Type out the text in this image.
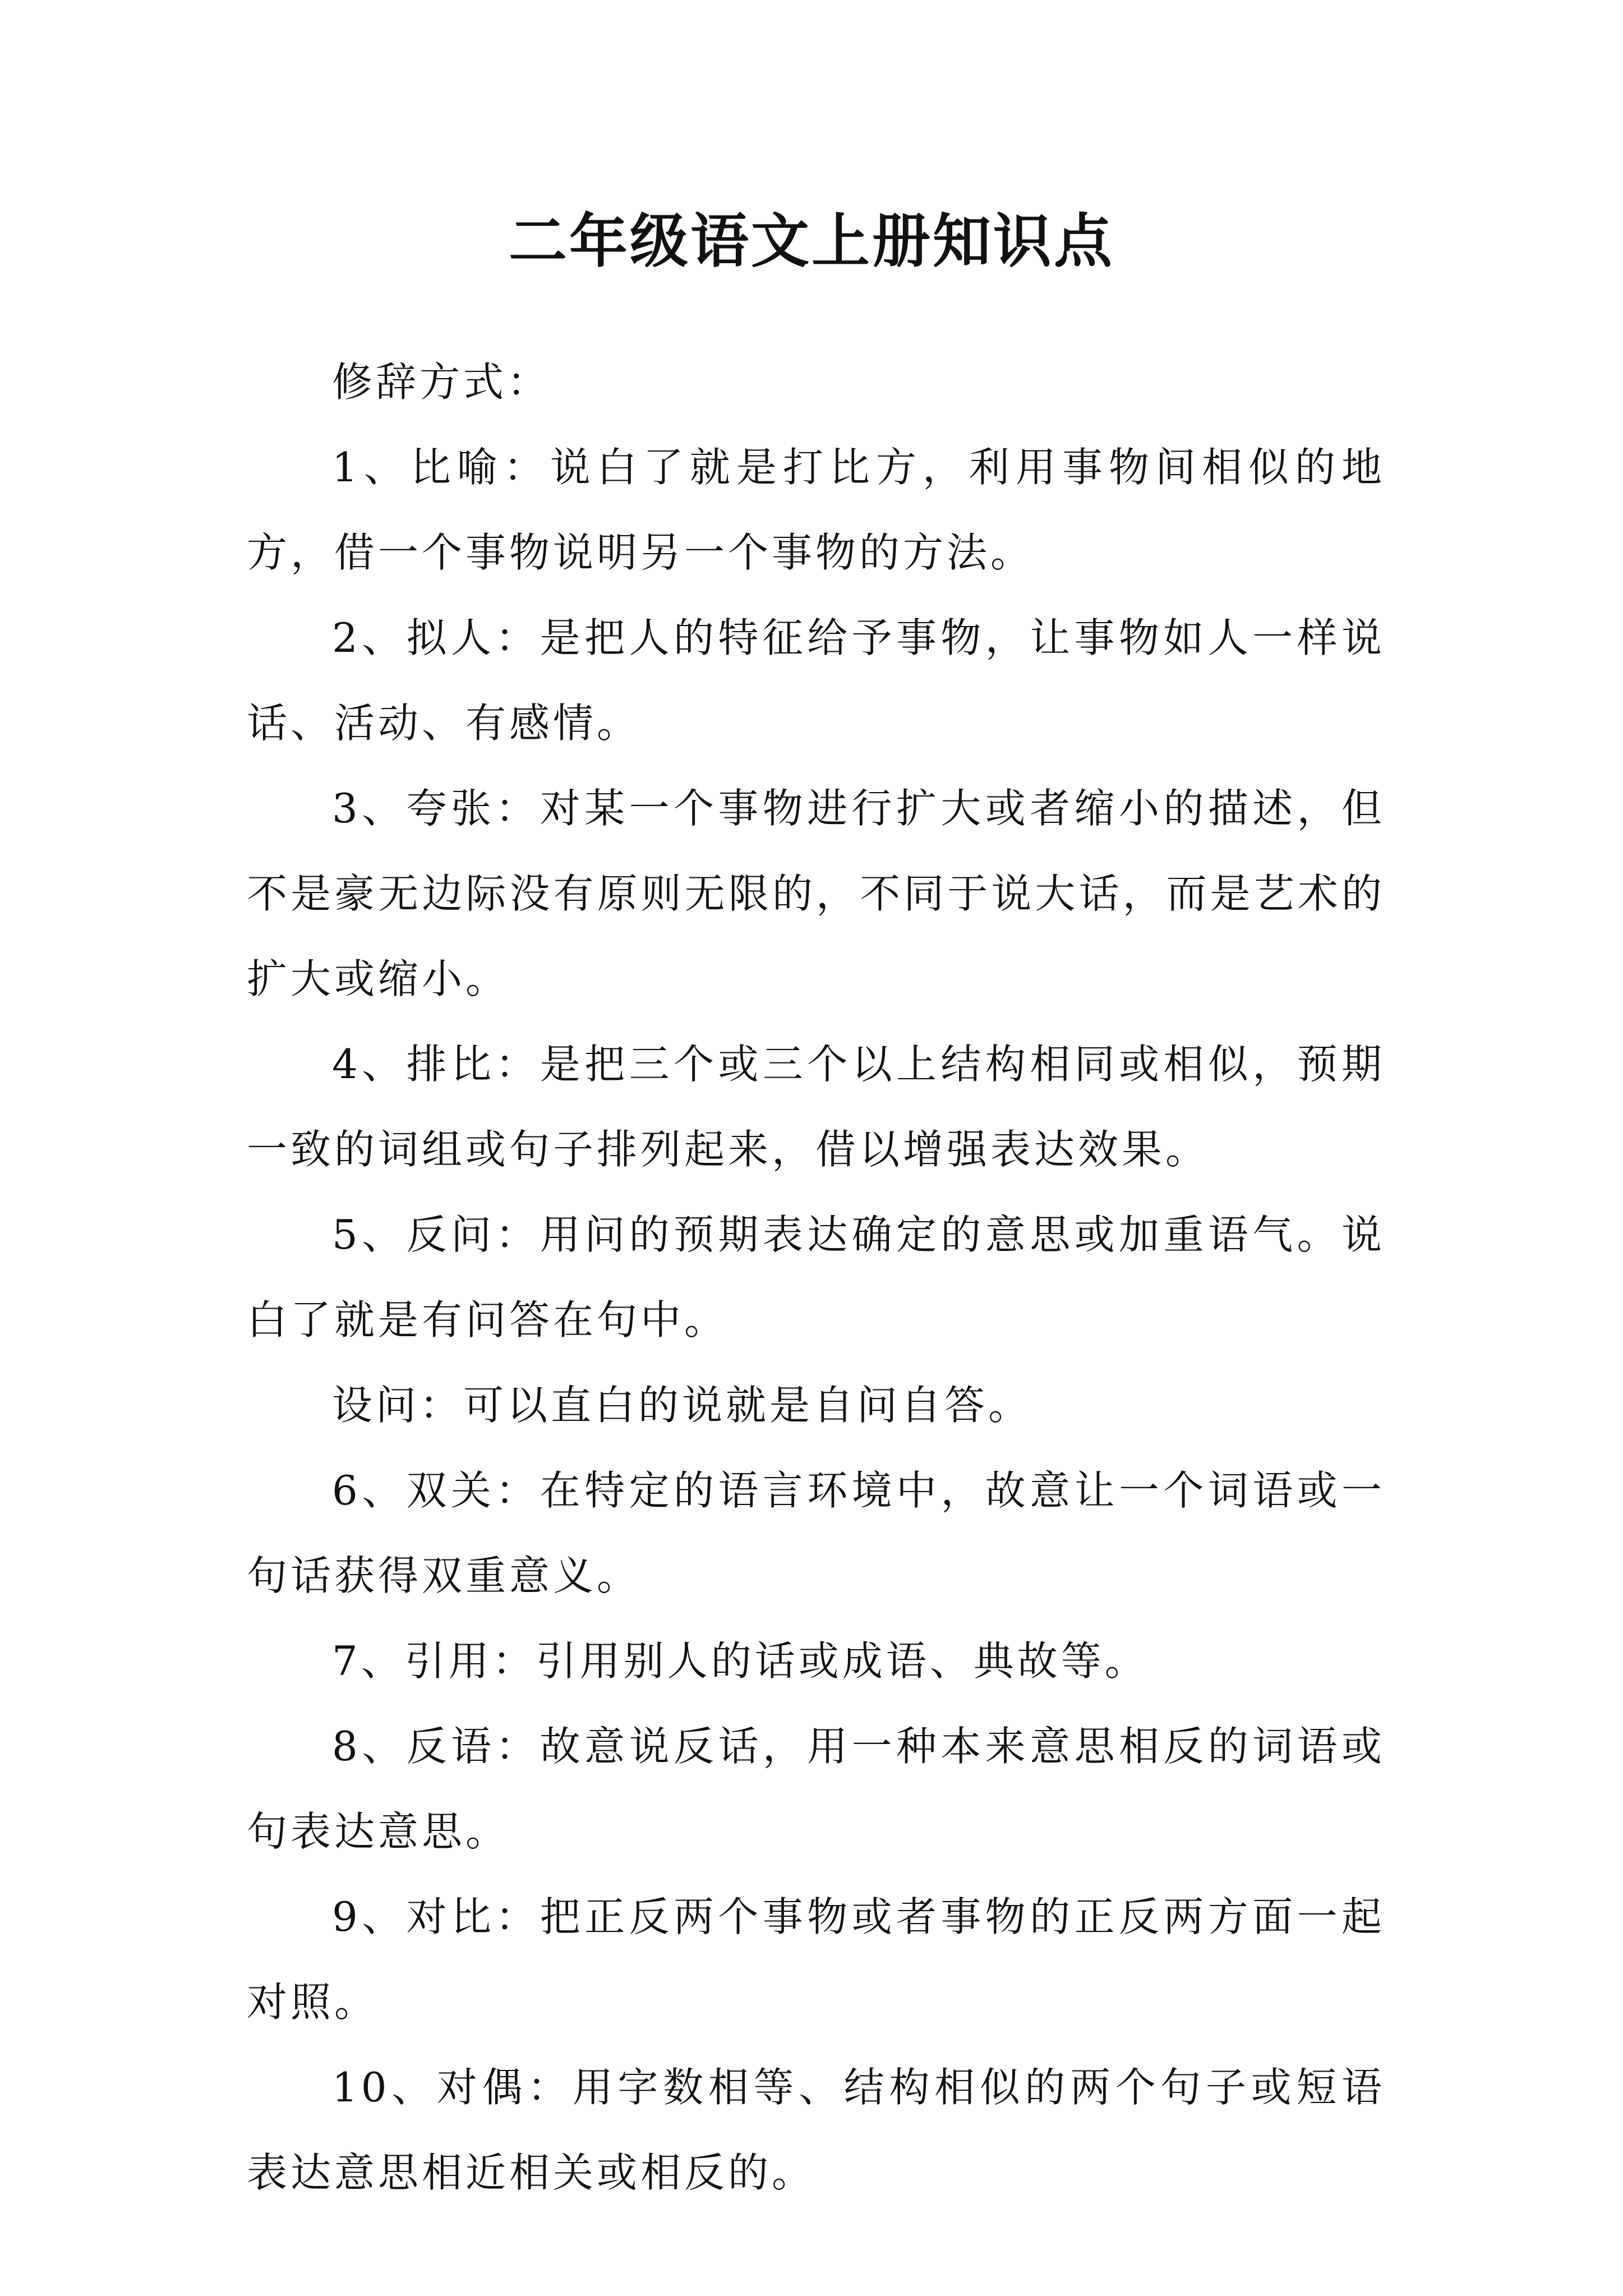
二年级语文上册知识点

修辞方式：

1、比喻：说白了就是打比方，利用事物间相似的地方，借一个事物说明另一个事物的方法。

2、拟人：是把人的特征给予事物，让事物如人一样说话、活动、有感情。

3、夸张：对某一个事物进行扩大或者缩小的描述，但不是豪无边际没有原则无限的，不同于说大话，而是艺术的扩大或缩小。

4、排比：是把三个或三个以上结构相同或相似，预期一致的词组或句子排列起来，借以增强表达效果。

5、反问：用问的预期表达确定的意思或加重语气。说白了就是有问答在句中。

设问：可以直白的说就是自问自答。

6、双关：在特定的语言环境中，故意让一个词语或一句话获得双重意义。

7、引用：引用别人的话或成语、典故等。

8、反语：故意说反话，用一种本来意思相反的词语或句表达意思。

9、对比：把正反两个事物或者事物的正反两方面一起对照。

10、对偶：用字数相等、结构相似的两个句子或短语表达意思相近相关或相反的。
